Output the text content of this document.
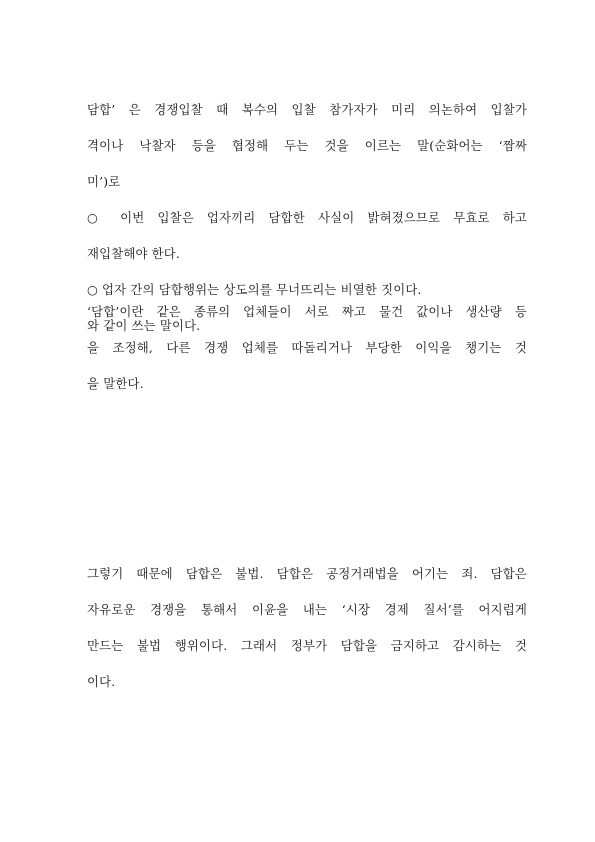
담합’ 은 경쟁입찰 때 복수의 입찰 참가자가 미리 의논하여 입찰가
격이나 낙찰자 등을 협정해 두는 것을 이르는 말(순화어는 ‘짬짜
미’)로
○ 이번 입찰은 업자끼리 담합한 사실이 밝혀졌으므로 무효로 하고
재입찰해야 한다.
○ 업자 간의 담합행위는 상도의를 무너뜨리는 비열한 짓이다.
와 같이 쓰는 말이다.
‘담합’이란 같은 종류의 업체들이 서로 짜고 물건 값이나 생산량 등
을 조정해, 다른 경쟁 업체를 따돌리거나 부당한 이익을 챙기는 것
을 말한다.
그렇기 때문에 담합은 불법. 담합은 공정거래법을 어기는 죄. 담합은
자유로운 경쟁을 통해서 이윤을 내는 ‘시장 경제 질서’를 어지럽게
만드는 불법 행위이다. 그래서 정부가 담합을 금지하고 감시하는 것
이다.
